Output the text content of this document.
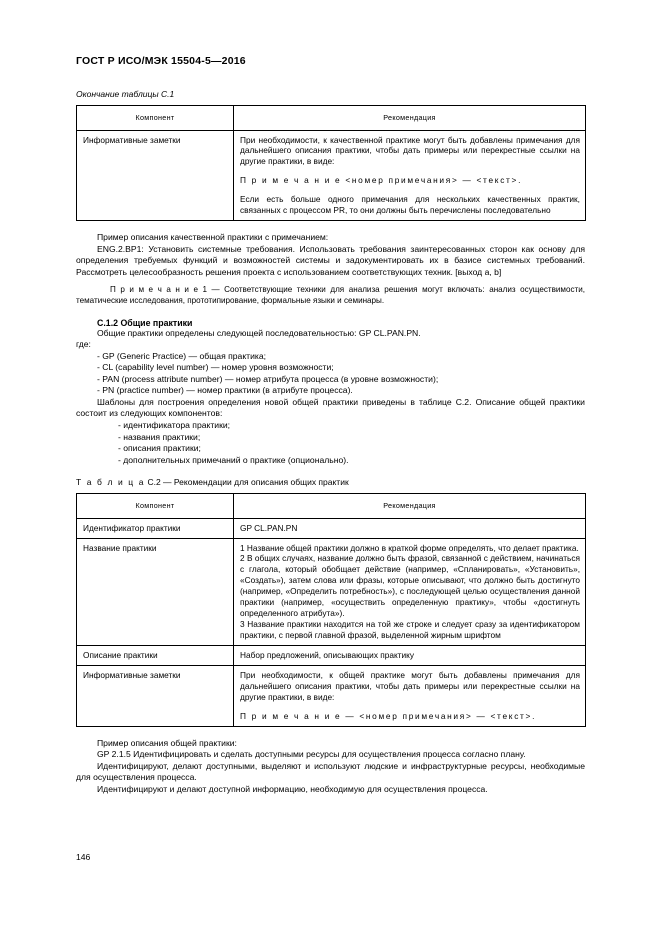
ГОСТ Р ИСО/МЭК 15504-5—2016
Окончание таблицы С.1
Компонент	Рекомендация

Информативные заметки	При необходимости, к качественной практике могут быть добавлены примечания для дальнейшего описания практики, чтобы дать примеры или перекрестные ссылки на другие практики, в виде:

П р и м е ч а н и е <номер примечания> — <текст>.

Если есть больше одного примечания для нескольких качественных практик, связанных с процессом PR, то они должны быть перечислены последовательно

Пример описания качественной практики с примечанием:

ENG.2.BP1: Установить системные требования. Использовать требования заинтересованных сторон как основу для определения требуемых функций и возможностей системы и задокументировать их в базисе системных требований. Рассмотреть целесообразность решения проекта с использованием соответствующих техник. [выход а, b]

П р и м е ч а н и е 1 — Соответствующие техники для анализа решения могут включать: анализ осуществимости, тематические исследования, прототипирование, формальные языки и семинары.

С.1.2 Общие практики

Общие практики определены следующей последовательностью: GP CL.PAN.PN.

где:

- GP (Generic Practice) — общая практика;

- CL (capability level number) — номер уровня возможности;

- PAN (process attribute number) — номер атрибута процесса (в уровне возможности);

- PN (practice number) — номер практики (в атрибуте процесса).

Шаблоны для построения определения новой общей практики приведены в таблице С.2. Описание общей практики состоит из следующих компонентов:

- идентификатора практики;

- названия практики;

- описания практики;

- дополнительных примечаний о практике (опционально).

Т а б л и ц а С.2 — Рекомендации для описания общих практик
Компонент	Рекомендация

Идентификатор практики	GP CL.PAN.PN

Название практики	1 Название общей практики должно в краткой форме определять, что делает практика.

2 В общих случаях, название должно быть фразой, связанной с действием, начинаться с глагола, который обобщает действие (например, «Спланировать», «Установить», «Создать»), затем слова или фразы, которые описывают, что должно быть достигнуто (например, «Определить потребность»), с последующей целью осуществления данной практики (например, «осуществить определенную практику», чтобы «достигнуть определенного атрибута»).

3 Название практики находится на той же строке и следует сразу за идентификатором практики, с первой главной фразой, выделенной жирным шрифтом

Описание практики	Набор предложений, описывающих практику

Информативные заметки	При необходимости, к общей практике могут быть добавлены примечания для дальнейшего описания практики, чтобы дать примеры или перекрестные ссылки на другие практики, в виде:

П р и м е ч а н и е — <номер примечания> — <текст>.

Пример описания общей практики:

GP 2.1.5 Идентифицировать и сделать доступными ресурсы для осуществления процесса согласно плану.

Идентифицируют, делают доступными, выделяют и используют людские и инфраструктурные ресурсы, необходимые для осуществления процесса.

Идентифицируют и делают доступной информацию, необходимую для осуществления процесса.

146
